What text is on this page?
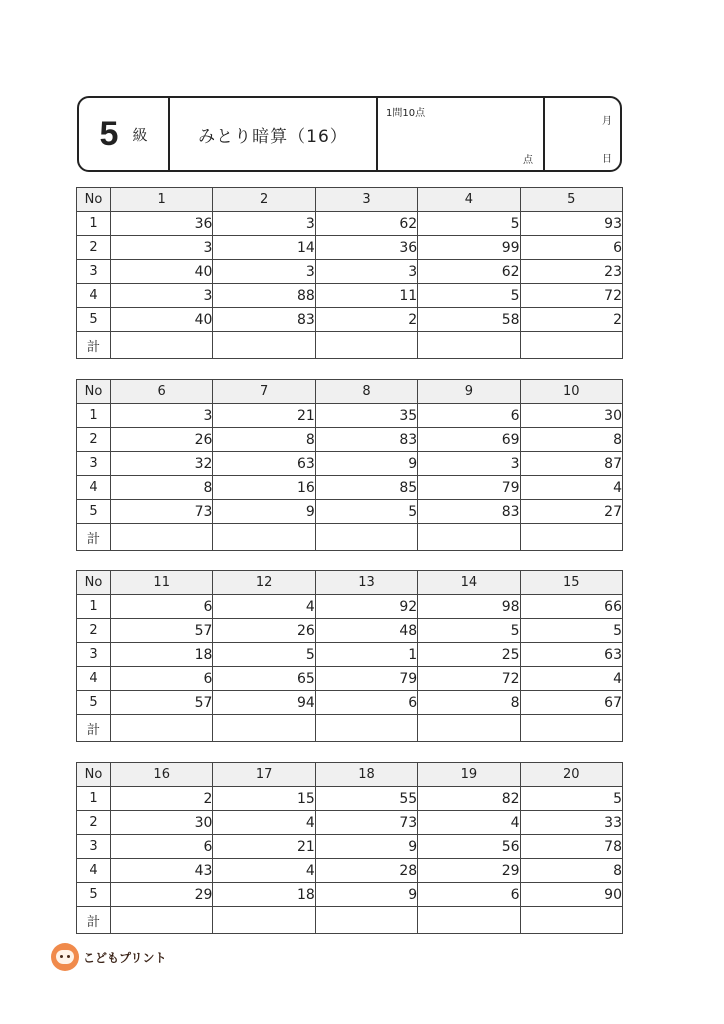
5 級	みとり暗算（16）
1問10点
点
月
日
No	1	2	3	4	5
1	36	3	62	5	93
2	3	14	36	99	6
3	40	3	3	62	23
4	3	88	11	5	72
5	40	83	2	58	2
計					
No	6	7	8	9	10
1	3	21	35	6	30
2	26	8	83	69	8
3	32	63	9	3	87
4	8	16	85	79	4
5	73	9	5	83	27
計					
No	11	12	13	14	15
1	6	4	92	98	66
2	57	26	48	5	5
3	18	5	1	25	63
4	6	65	79	72	4
5	57	94	6	8	67
計					
No	16	17	18	19	20
1	2	15	55	82	5
2	30	4	73	4	33
3	6	21	9	56	78
4	43	4	28	29	8
5	29	18	9	6	90
計					
こどもプリント
